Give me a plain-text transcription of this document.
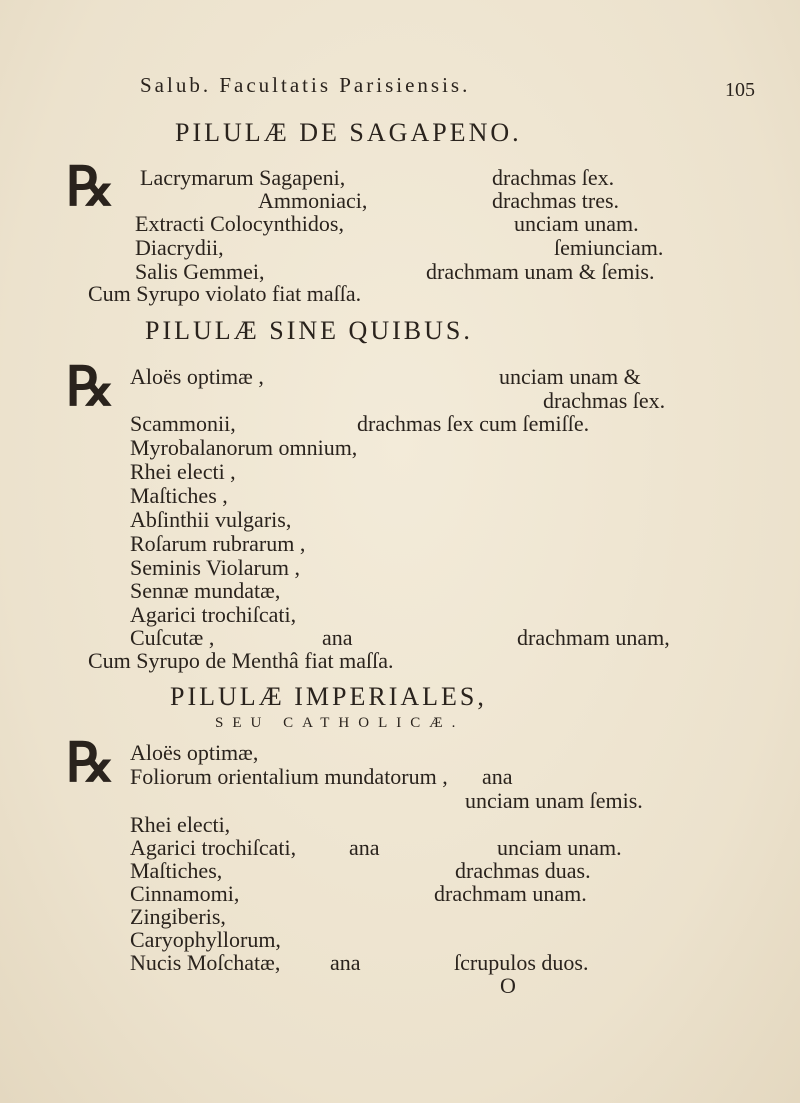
Salub. Facultatis Parisiensis.	105
PILULÆ DE SAGAPENO.
℞ Lacrymarum Sagapeni,	drachmas ſex.
Ammoniaci,	drachmas tres.
Extracti Colocynthidos,	unciam unam.
Diacrydii,	ſemiunciam.
Salis Gemmei,	drachmam unam & ſemis.
Cum Syrupo violato fiat maſſa.
PILULÆ SINE QUIBUS.
℞ Aloës optimæ ,	unciam unam &
drachmas ſex.
Scammonii,	drachmas ſex cum ſemiſſe.
Myrobalanorum omnium,
Rhei electi ,
Maſtiches ,
Abſinthii vulgaris,
Roſarum rubrarum ,
Seminis Violarum ,
Sennæ mundatæ,
Agarici trochiſcati,
Cuſcutæ ,	ana	drachmam unam,
Cum Syrupo de Menthâ fiat maſſa.
PILULÆ IMPERIALES,
SEU CATHOLICÆ.
℞ Aloës optimæ,
Foliorum orientalium mundatorum , ana
unciam unam ſemis.
Rhei electi,
Agarici trochiſcati, ana	unciam unam.
Maſtiches,	drachmas duas.
Cinnamomi,	drachmam unam.
Zingiberis,
Caryophyllorum,
Nucis Moſchatæ, ana	ſcrupulos duos.
O
